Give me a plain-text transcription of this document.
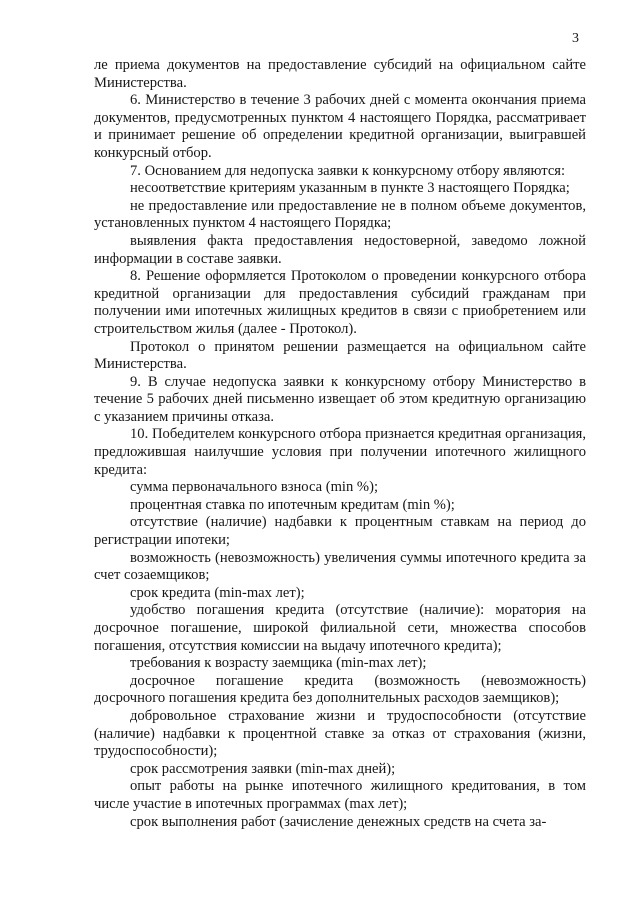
3

ле приема документов на предоставление субсидий на официальном сайте Министерства.

6. Министерство в течение 3 рабочих дней с момента окончания приема документов, предусмотренных пунктом 4 настоящего Порядка, рассматривает и принимает решение об определении кредитной организации, выигравшей конкурсный отбор.

7. Основанием для недопуска заявки к конкурсному отбору являются:

несоответствие критериям указанным в пункте 3 настоящего Порядка;

не предоставление или предоставление не в полном объеме документов, установленных пунктом 4 настоящего Порядка;

выявления факта предоставления недостоверной, заведомо ложной информации в составе заявки.

8. Решение оформляется Протоколом о проведении конкурсного отбора кредитной организации для предоставления субсидий гражданам при получении ими ипотечных жилищных кредитов в связи с приобретением или строительством жилья (далее - Протокол).

Протокол о принятом решении размещается на официальном сайте Министерства.

9. В случае недопуска заявки к конкурсному отбору Министерство в течение 5 рабочих дней письменно извещает об этом кредитную организацию с указанием причины отказа.

10. Победителем конкурсного отбора признается кредитная организация, предложившая наилучшие условия при получении ипотечного жилищного кредита:

сумма первоначального взноса (min %);

процентная ставка по ипотечным кредитам (min %);

отсутствие (наличие) надбавки к процентным ставкам на период до регистрации ипотеки;

возможность (невозможность) увеличения суммы ипотечного кредита за счет созаемщиков;

срок кредита (min-max лет);

удобство погашения кредита (отсутствие (наличие): моратория на досрочное погашение, широкой филиальной сети, множества способов погашения, отсутствия комиссии на выдачу ипотечного кредита);

требования к возрасту заемщика (min-max лет);

досрочное погашение кредита (возможность (невозможность) досрочного погашения кредита без дополнительных расходов заемщиков);

добровольное страхование жизни и трудоспособности (отсутствие (наличие) надбавки к процентной ставке за отказ от страхования (жизни, трудоспособности);

срок рассмотрения заявки (min-max дней);

опыт работы на рынке ипотечного жилищного кредитования, в том числе участие в ипотечных программах (max лет);

срок выполнения работ (зачисление денежных средств на счета за-
